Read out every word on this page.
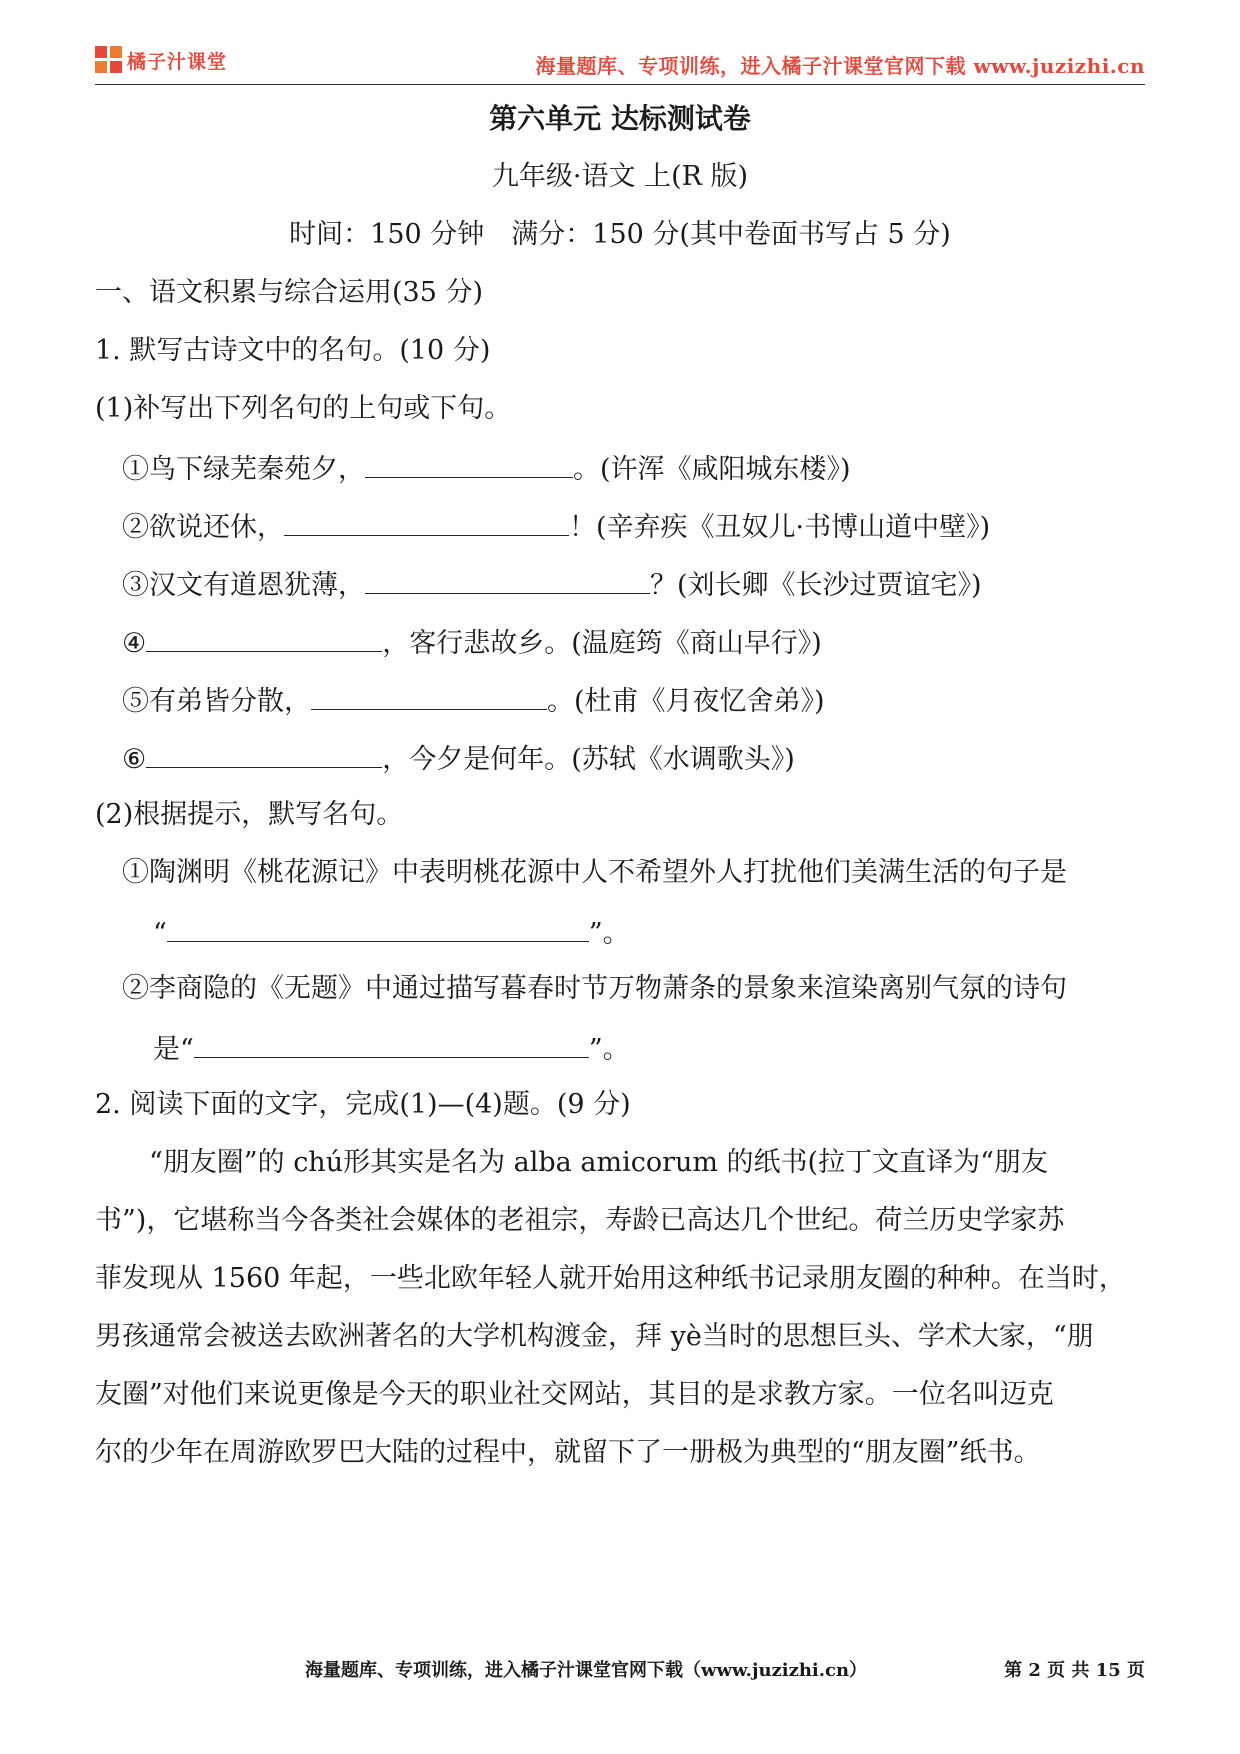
橘子汁课堂	海量题库、专项训练，进入橘子汁课堂官网下载 www.juzizhi.cn
第六单元 达标测试卷
九年级·语文 上(R 版)
时间：150 分钟　满分：150 分(其中卷面书写占 5 分)
一、语文积累与综合运用(35 分)
1. 默写古诗文中的名句。(10 分)
(1)补写出下列名句的上句或下句。
①鸟下绿芜秦苑夕，	。(许浑《咸阳城东楼》)
②欲说还休，	！(辛弃疾《丑奴儿·书博山道中壁》)
③汉文有道恩犹薄，	？(刘长卿《长沙过贾谊宅》)
④	，客行悲故乡。(温庭筠《商山早行》)
⑤有弟皆分散，	。(杜甫《月夜忆舍弟》)
⑥	，今夕是何年。(苏轼《水调歌头》)
(2)根据提示，默写名句。
①陶渊明《桃花源记》中表明桃花源中人不希望外人打扰他们美满生活的句子是
“	”。
②李商隐的《无题》中通过描写暮春时节万物萧条的景象来渲染离别气氛的诗句
是“	”。
2. 阅读下面的文字，完成(1)—(4)题。(9 分)
“朋友圈”的 chú形其实是名为 alba amicorum 的纸书(拉丁文直译为“朋友
书”)，它堪称当今各类社会媒体的老祖宗，寿龄已高达几个世纪。荷兰历史学家苏
菲发现从 1560 年起，一些北欧年轻人就开始用这种纸书记录朋友圈的种种。在当时，
男孩通常会被送去欧洲著名的大学机构渡金，拜 yè当时的思想巨头、学术大家，“朋
友圈”对他们来说更像是今天的职业社交网站，其目的是求教方家。一位名叫迈克
尔的少年在周游欧罗巴大陆的过程中，就留下了一册极为典型的“朋友圈”纸书。
海量题库、专项训练，进入橘子汁课堂官网下载（www.juzizhi.cn）	第 2 页 共 15 页
